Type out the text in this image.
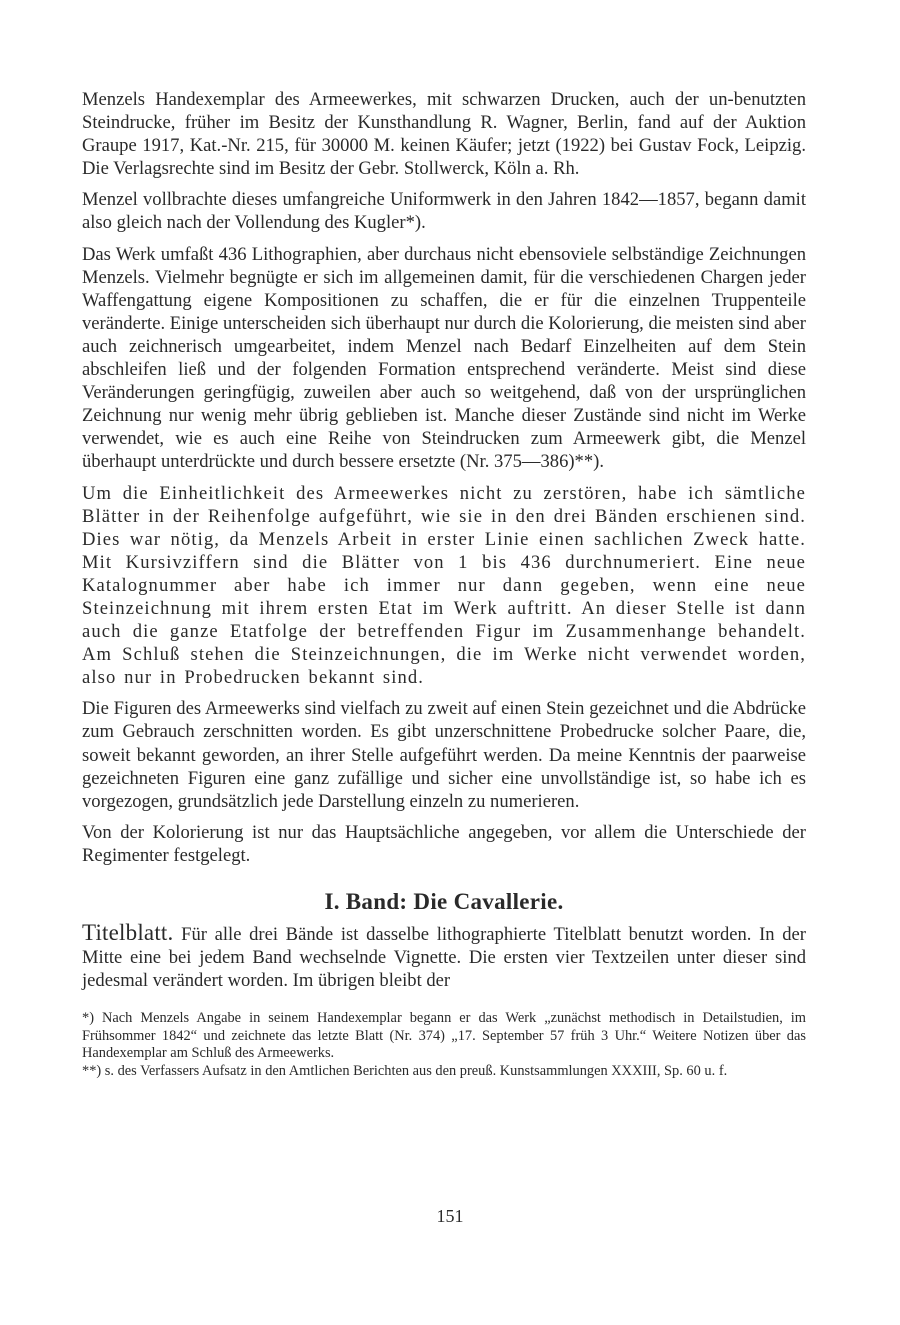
Menzels Handexemplar des Armeewerkes, mit schwarzen Drucken, auch der un‑benutzten Steindrucke, früher im Besitz der Kunsthandlung R. Wagner, Berlin, fand auf der Auktion Graupe 1917, Kat.-Nr. 215, für 30000 M. keinen Käufer; jetzt (1922) bei Gustav Fock, Leipzig. Die Verlagsrechte sind im Besitz der Gebr. Stollwerck, Köln a. Rh.

Menzel vollbrachte dieses umfangreiche Uniformwerk in den Jahren 1842—1857, begann damit also gleich nach der Vollendung des Kugler*).

Das Werk umfaßt 436 Lithographien, aber durchaus nicht ebensoviele selbständige Zeichnungen Menzels. Vielmehr begnügte er sich im allgemeinen damit, für die verschiedenen Chargen jeder Waffengattung eigene Kompositionen zu schaffen, die er für die einzelnen Truppenteile veränderte. Einige unterscheiden sich überhaupt nur durch die Kolorierung, die meisten sind aber auch zeichnerisch umgearbeitet, indem Menzel nach Bedarf Einzelheiten auf dem Stein abschleifen ließ und der folgenden Formation entsprechend veränderte. Meist sind diese Veränderungen geringfügig, zuweilen aber auch so weitgehend, daß von der ursprünglichen Zeichnung nur wenig mehr übrig geblieben ist. Manche dieser Zustände sind nicht im Werke verwendet, wie es auch eine Reihe von Steindrucken zum Armeewerk gibt, die Menzel überhaupt unterdrückte und durch bessere ersetzte (Nr. 375—386)**).

Um die Einheitlichkeit des Armeewerkes nicht zu zerstören, habe ich sämtliche Blätter in der Reihenfolge aufgeführt, wie sie in den drei Bänden erschienen sind. Dies war nötig, da Menzels Arbeit in erster Linie einen sachlichen Zweck hatte. Mit Kursivziffern sind die Blätter von 1 bis 436 durchnumeriert. Eine neue Katalognummer aber habe ich immer nur dann gegeben, wenn eine neue Steinzeichnung mit ihrem ersten Etat im Werk auftritt. An dieser Stelle ist dann auch die ganze Etatfolge der betreffenden Figur im Zusammenhange behandelt. Am Schluß stehen die Steinzeichnungen, die im Werke nicht verwendet worden, also nur in Probedrucken bekannt sind.

Die Figuren des Armeewerks sind vielfach zu zweit auf einen Stein gezeichnet und die Abdrücke zum Gebrauch zerschnitten worden. Es gibt unzerschnittene Probedrucke solcher Paare, die, soweit bekannt geworden, an ihrer Stelle aufgeführt werden. Da meine Kenntnis der paarweise gezeichneten Figuren eine ganz zufällige und sicher eine unvollständige ist, so habe ich es vorgezogen, grundsätzlich jede Darstellung einzeln zu numerieren.

Von der Kolorierung ist nur das Hauptsächliche angegeben, vor allem die Unterschiede der Regimenter festgelegt.

I. Band: Die Cavallerie.

Titelblatt. Für alle drei Bände ist dasselbe lithographierte Titelblatt benutzt worden. In der Mitte eine bei jedem Band wechselnde Vignette. Die ersten vier Textzeilen unter dieser sind jedesmal verändert worden. Im übrigen bleibt der

*) Nach Menzels Angabe in seinem Handexemplar begann er das Werk „zunächst methodisch in Detailstudien, im Frühsommer 1842“ und zeichnete das letzte Blatt (Nr. 374) „17. September 57 früh 3 Uhr.“ Weitere Notizen über das Handexemplar am Schluß des Armeewerks.

**) s. des Verfassers Aufsatz in den Amtlichen Berichten aus den preuß. Kunstsammlungen XXXIII, Sp. 60 u. f.

151
